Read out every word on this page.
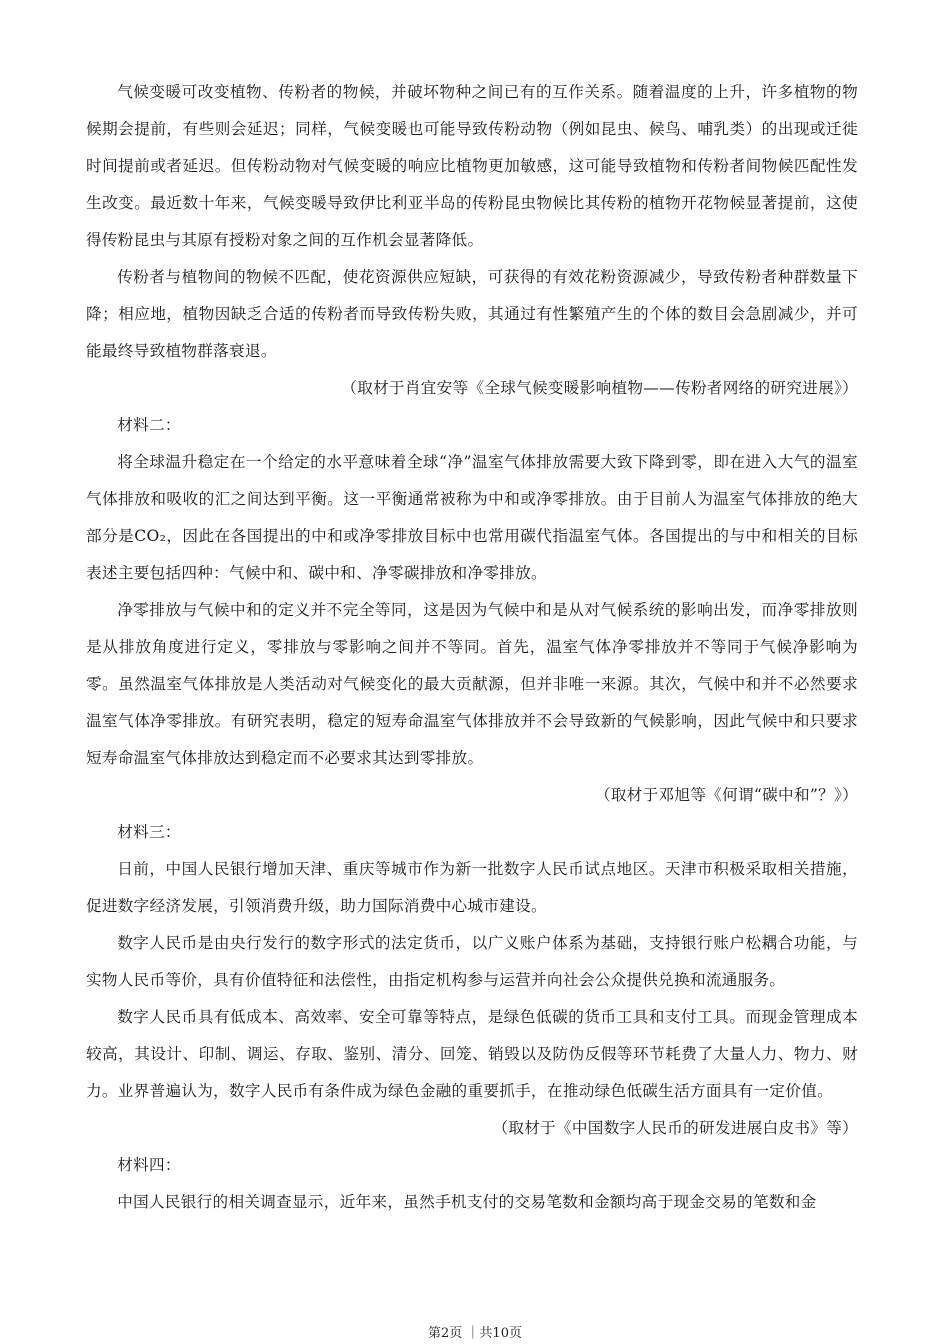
气候变暖可改变植物、传粉者的物候，并破坏物种之间已有的互作关系。随着温度的上升，许多植物的物候期会提前，有些则会延迟；同样，气候变暖也可能导致传粉动物（例如昆虫、候鸟、哺乳类）的出现或迁徙时间提前或者延迟。但传粉动物对气候变暖的响应比植物更加敏感，这可能导致植物和传粉者间物候匹配性发生改变。最近数十年来，气候变暖导致伊比利亚半岛的传粉昆虫物候比其传粉的植物开花物候显著提前，这使得传粉昆虫与其原有授粉对象之间的互作机会显著降低。

传粉者与植物间的物候不匹配，使花资源供应短缺，可获得的有效花粉资源减少，导致传粉者种群数量下降；相应地，植物因缺乏合适的传粉者而导致传粉失败，其通过有性繁殖产生的个体的数目会急剧减少，并可能最终导致植物群落衰退。

（取材于肖宜安等《全球气候变暖影响植物——传粉者网络的研究进展》）

材料二：

将全球温升稳定在一个给定的水平意味着全球“净”温室气体排放需要大致下降到零，即在进入大气的温室气体排放和吸收的汇之间达到平衡。这一平衡通常被称为中和或净零排放。由于目前人为温室气体排放的绝大部分是CO₂，因此在各国提出的中和或净零排放目标中也常用碳代指温室气体。各国提出的与中和相关的目标表述主要包括四种：气候中和、碳中和、净零碳排放和净零排放。

净零排放与气候中和的定义并不完全等同，这是因为气候中和是从对气候系统的影响出发，而净零排放则是从排放角度进行定义，零排放与零影响之间并不等同。首先，温室气体净零排放并不等同于气候净影响为零。虽然温室气体排放是人类活动对气候变化的最大贡献源，但并非唯一来源。其次，气候中和并不必然要求温室气体净零排放。有研究表明，稳定的短寿命温室气体排放并不会导致新的气候影响，因此气候中和只要求短寿命温室气体排放达到稳定而不必要求其达到零排放。

（取材于邓旭等《何谓“碳中和”？》）

材料三：

日前，中国人民银行增加天津、重庆等城市作为新一批数字人民币试点地区。天津市积极采取相关措施，促进数字经济发展，引领消费升级，助力国际消费中心城市建设。

数字人民币是由央行发行的数字形式的法定货币，以广义账户体系为基础，支持银行账户松耦合功能，与实物人民币等价，具有价值特征和法偿性，由指定机构参与运营并向社会公众提供兑换和流通服务。

数字人民币具有低成本、高效率、安全可靠等特点，是绿色低碳的货币工具和支付工具。而现金管理成本较高，其设计、印制、调运、存取、鉴别、清分、回笼、销毁以及防伪反假等环节耗费了大量人力、物力、财力。业界普遍认为，数字人民币有条件成为绿色金融的重要抓手，在推动绿色低碳生活方面具有一定价值。

（取材于《中国数字人民币的研发进展白皮书》等）

材料四：

中国人民银行的相关调查显示，近年来，虽然手机支付的交易笔数和金额均高于现金交易的笔数和金

第2页 ｜共10页
